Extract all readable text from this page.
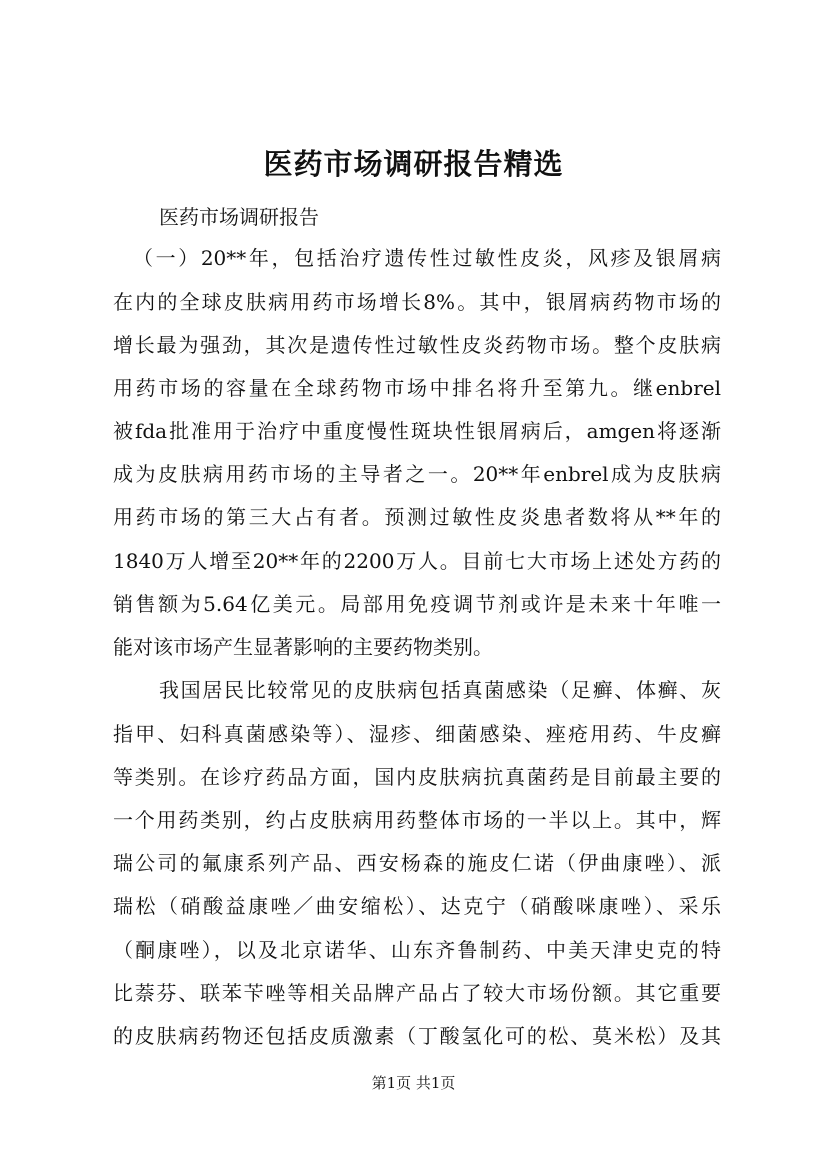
医药市场调研报告精选
医药市场调研报告
（一）20**年，包括治疗遗传性过敏性皮炎，风疹及银屑病
在内的全球皮肤病用药市场增长8%。其中，银屑病药物市场的
增长最为强劲，其次是遗传性过敏性皮炎药物市场。整个皮肤病
用药市场的容量在全球药物市场中排名将升至第九。继enbrel
被fda批准用于治疗中重度慢性斑块性银屑病后，amgen将逐渐
成为皮肤病用药市场的主导者之一。20**年enbrel成为皮肤病
用药市场的第三大占有者。预测过敏性皮炎患者数将从**年的
1840万人增至20**年的2200万人。目前七大市场上述处方药的
销售额为5.64亿美元。局部用免疫调节剂或许是未来十年唯一
能对该市场产生显著影响的主要药物类别。
我国居民比较常见的皮肤病包括真菌感染（足癣、体癣、灰
指甲、妇科真菌感染等）、湿疹、细菌感染、痤疮用药、牛皮癣
等类别。在诊疗药品方面，国内皮肤病抗真菌药是目前最主要的
一个用药类别，约占皮肤病用药整体市场的一半以上。其中，辉
瑞公司的氟康系列产品、西安杨森的施皮仁诺（伊曲康唑）、派
瑞松（硝酸益康唑／曲安缩松）、达克宁（硝酸咪康唑）、采乐
（酮康唑），以及北京诺华、山东齐鲁制药、中美天津史克的特
比萘芬、联苯苄唑等相关品牌产品占了较大市场份额。其它重要
的皮肤病药物还包括皮质激素（丁酸氢化可的松、莫米松）及其
第1页 共1页
